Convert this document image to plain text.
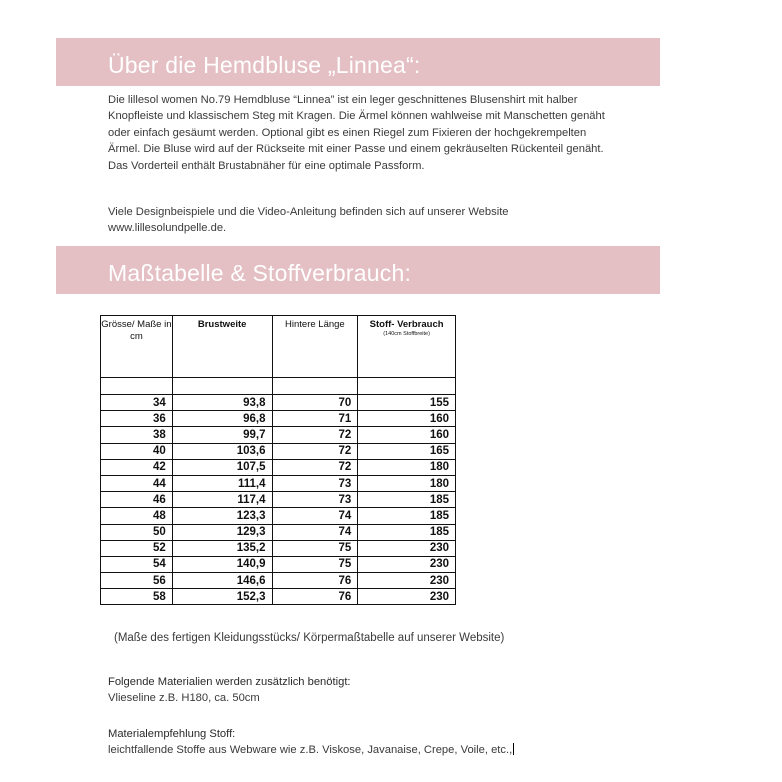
Über die Hemdbluse „Linnea“:
Die lillesol women No.79 Hemdbluse “Linnea” ist ein leger geschnittenes Blusenshirt mit halber
Knopfleiste und klassischem Steg mit Kragen. Die Ärmel können wahlweise mit Manschetten genäht
oder einfach gesäumt werden. Optional gibt es einen Riegel zum Fixieren der hochgekrempelten
Ärmel. Die Bluse wird auf der Rückseite mit einer Passe und einem gekräuselten Rückenteil genäht.
Das Vorderteil enthält Brustabnäher für eine optimale Passform.
Viele Designbeispiele und die Video-Anleitung befinden sich auf unserer Website
www.lillesolundpelle.de.
Maßtabelle & Stoffverbrauch:
Grösse/ Maße in cm	Brustweite	Hintere Länge	Stoff- Verbrauch
(140cm Stoffbreite)

34	93,8	70	155
36	96,8	71	160
38	99,7	72	160
40	103,6	72	165
42	107,5	72	180
44	111,4	73	180
46	117,4	73	185
48	123,3	74	185
50	129,3	74	185
52	135,2	75	230
54	140,9	75	230
56	146,6	76	230
58	152,3	76	230
(Maße des fertigen Kleidungsstücks/ Körpermaßtabelle auf unserer Website)
Folgende Materialien werden zusätzlich benötigt:
Vlieseline z.B. H180, ca. 50cm
Materialempfehlung Stoff:
leichtfallende Stoffe aus Webware wie z.B. Viskose, Javanaise, Crepe, Voile, etc.,
